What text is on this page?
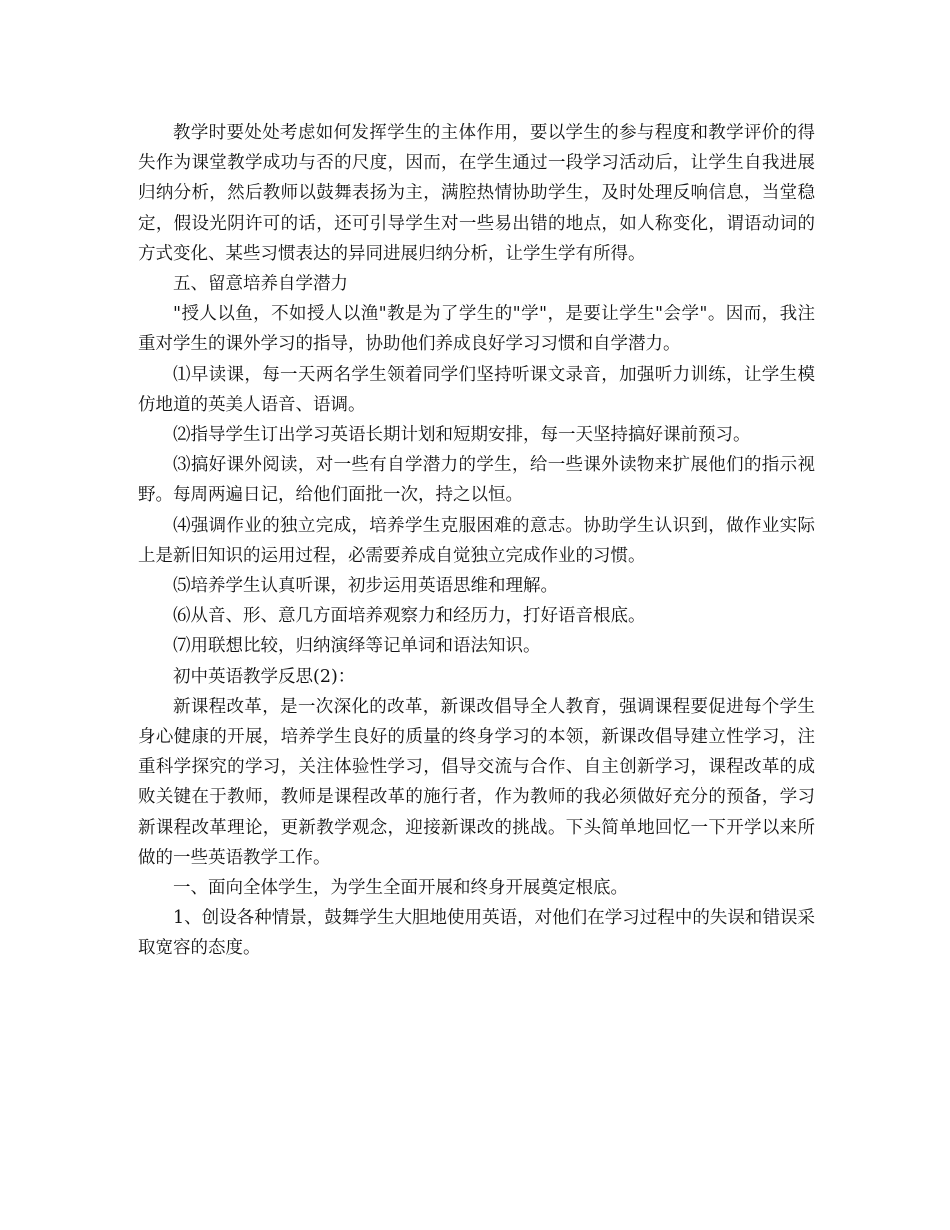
教学时要处处考虑如何发挥学生的主体作用，要以学生的参与程度和教学评价的得失作为课堂教学成功与否的尺度，因而，在学生通过一段学习活动后，让学生自我进展归纳分析，然后教师以鼓舞表扬为主，满腔热情协助学生，及时处理反响信息，当堂稳定，假设光阴许可的话，还可引导学生对一些易出错的地点，如人称变化，谓语动词的方式变化、某些习惯表达的异同进展归纳分析，让学生学有所得。

五、留意培养自学潜力

"授人以鱼，不如授人以渔"教是为了学生的"学"，是要让学生"会学"。因而，我注重对学生的课外学习的指导，协助他们养成良好学习习惯和自学潜力。

⑴早读课，每一天两名学生领着同学们坚持听课文录音，加强听力训练，让学生模仿地道的英美人语音、语调。

⑵指导学生订出学习英语长期计划和短期安排，每一天坚持搞好课前预习。

⑶搞好课外阅读，对一些有自学潜力的学生，给一些课外读物来扩展他们的指示视野。每周两遍日记，给他们面批一次，持之以恒。

⑷强调作业的独立完成，培养学生克服困难的意志。协助学生认识到，做作业实际上是新旧知识的运用过程，必需要养成自觉独立完成作业的习惯。

⑸培养学生认真听课，初步运用英语思维和理解。

⑹从音、形、意几方面培养观察力和经历力，打好语音根底。

⑺用联想比较，归纳演绎等记单词和语法知识。

初中英语教学反思(2)：

新课程改革，是一次深化的改革，新课改倡导全人教育，强调课程要促进每个学生身心健康的开展，培养学生良好的质量的终身学习的本领，新课改倡导建立性学习，注重科学探究的学习，关注体验性学习，倡导交流与合作、自主创新学习，课程改革的成败关键在于教师，教师是课程改革的施行者，作为教师的我必须做好充分的预备，学习新课程改革理论，更新教学观念，迎接新课改的挑战。下头简单地回忆一下开学以来所做的一些英语教学工作。

一、面向全体学生，为学生全面开展和终身开展奠定根底。

1、创设各种情景，鼓舞学生大胆地使用英语，对他们在学习过程中的失误和错误采取宽容的态度。
